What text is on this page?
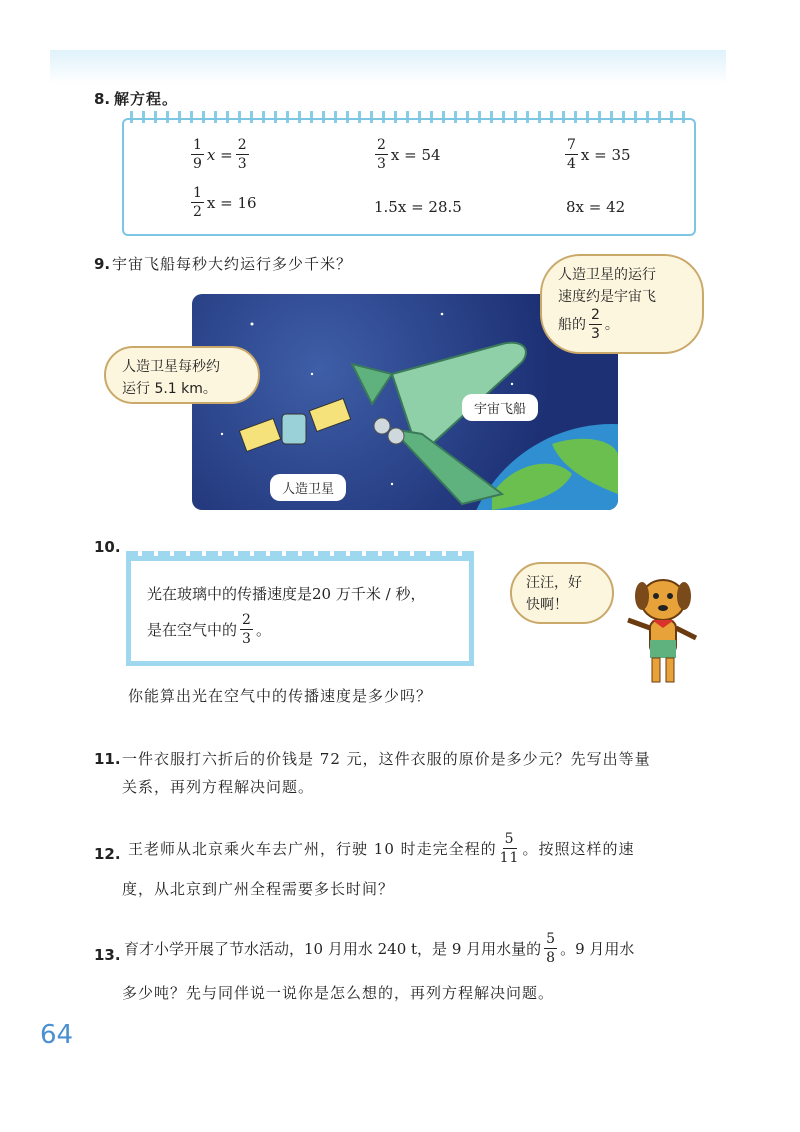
8. 解方程。
$\frac{1}{9}$ $x = \frac{2}{3}$	$\frac{2}{3}$ x = 54	$\frac{7}{4}$ x = 35
$\frac{1}{2}$ x = 16	1.5x = 28.5	8x = 42
9. 宇宙飞船每秒大约运行多少千米？
宇宙飞船
人造卫星
人造卫星每秒约
运行 5.1 km。
人造卫星的运行
速度约是宇宙飞
船的 $\frac{2}{3}$ 。
10.
光在玻璃中的传播速度是20 万千米 / 秒，
是在空气中的 $\frac{2}{3}$ 。
汪汪，好
快啊！
你能算出光在空气中的传播速度是多少吗？
11. 一件衣服打六折后的价钱是 72 元，这件衣服的原价是多少元？先写出等量
关系，再列方程解决问题。
12. 王老师从北京乘火车去广州，行驶 10 时走完全程的 $\frac{5}{11}$ 。按照这样的速
度，从北京到广州全程需要多长时间？
13. 育才小学开展了节水活动，10 月用水 240 t，是 9 月用水量的 $\frac{5}{8}$ 。9 月用水
多少吨？先与同伴说一说你是怎么想的，再列方程解决问题。
64
